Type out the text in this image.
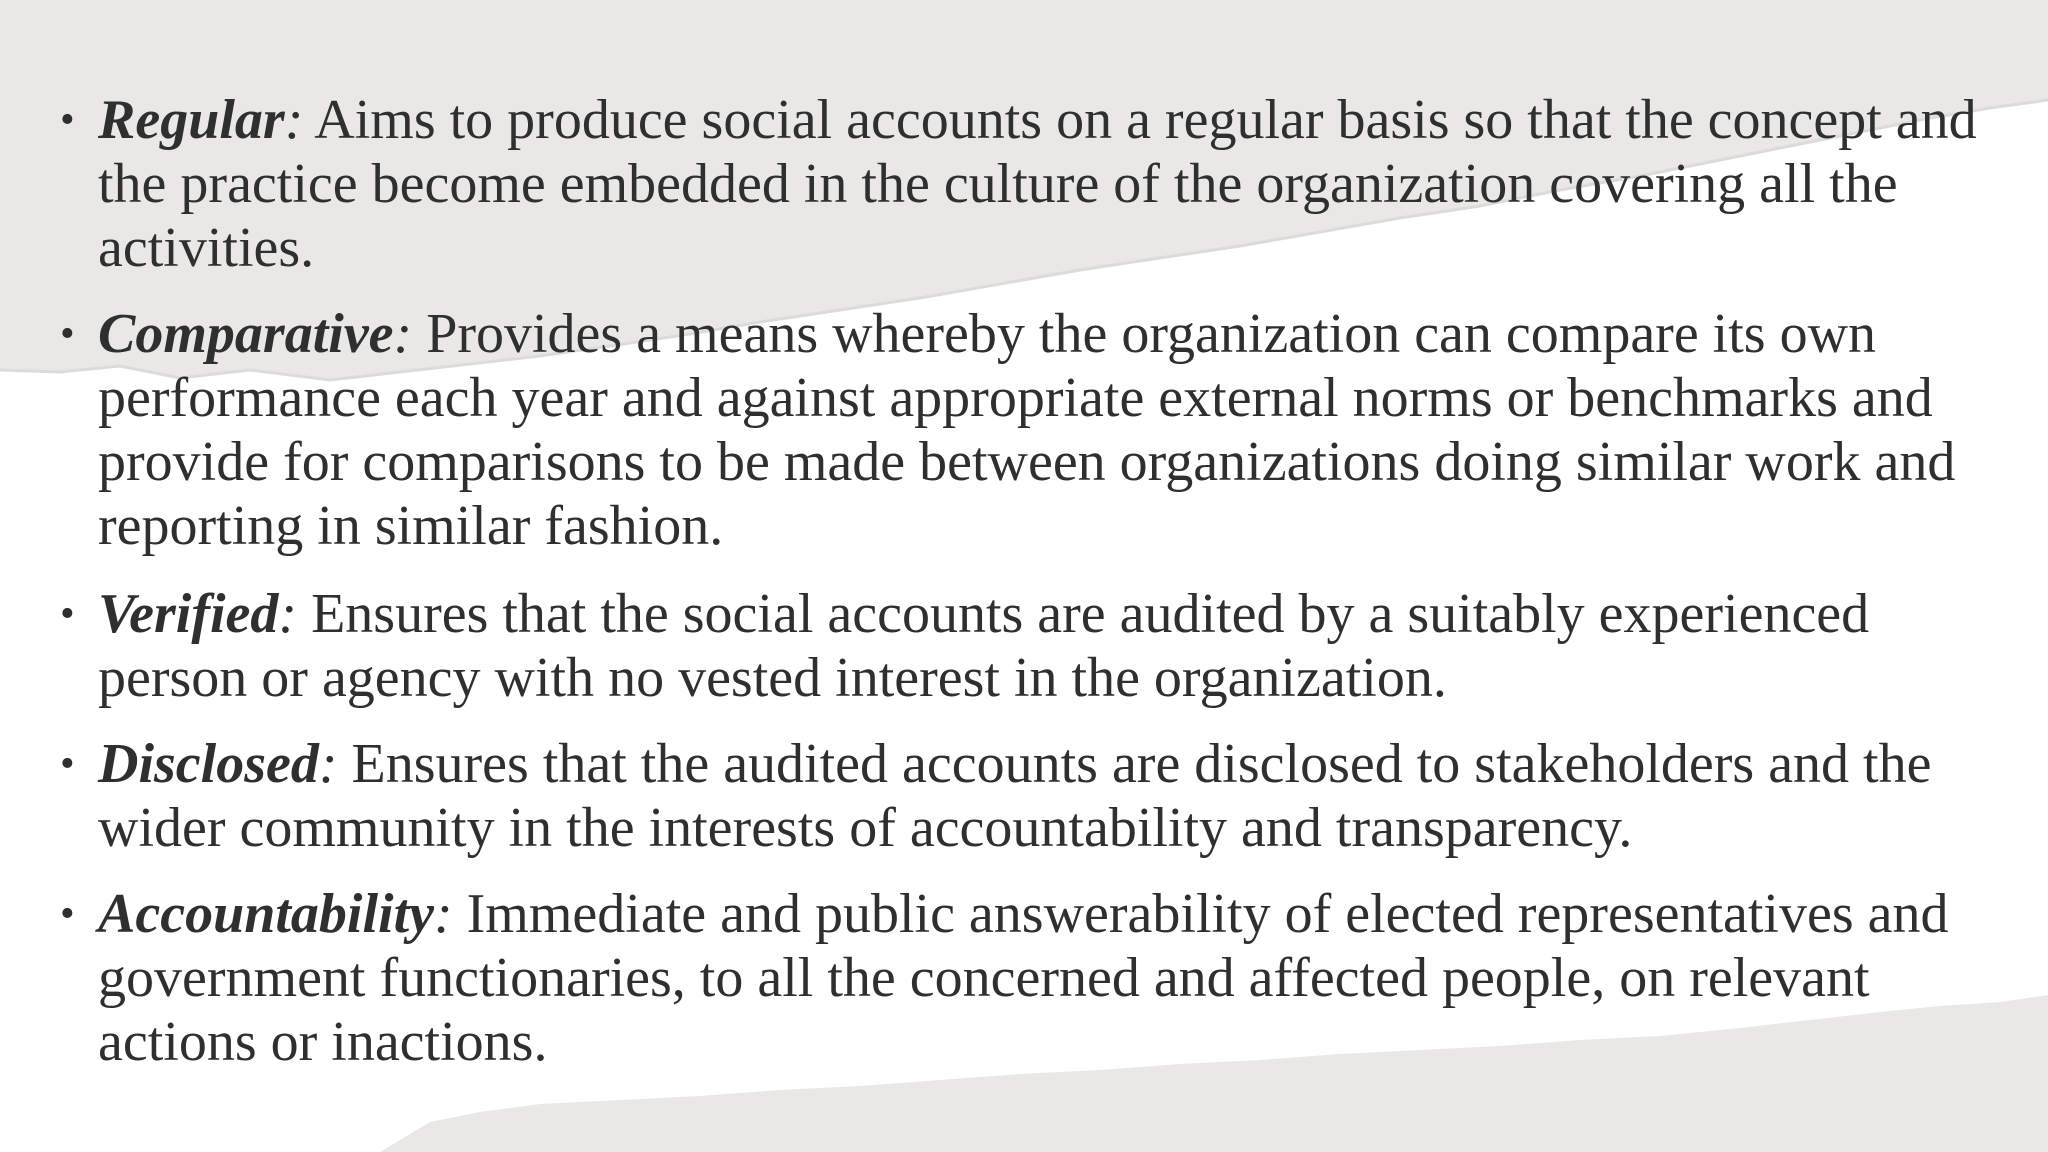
• Regular: Aims to produce social accounts on a regular basis so that the concept and the practice become embedded in the culture of the organization covering all the activities.
• Comparative: Provides a means whereby the organization can compare its own performance each year and against appropriate external norms or benchmarks and provide for comparisons to be made between organizations doing similar work and reporting in similar fashion.
• Verified: Ensures that the social accounts are audited by a suitably experienced person or agency with no vested interest in the organization.
• Disclosed: Ensures that the audited accounts are disclosed to stakeholders and the wider community in the interests of accountability and transparency.
• Accountability: Immediate and public answerability of elected representatives and government functionaries, to all the concerned and affected people, on relevant actions or inactions.
